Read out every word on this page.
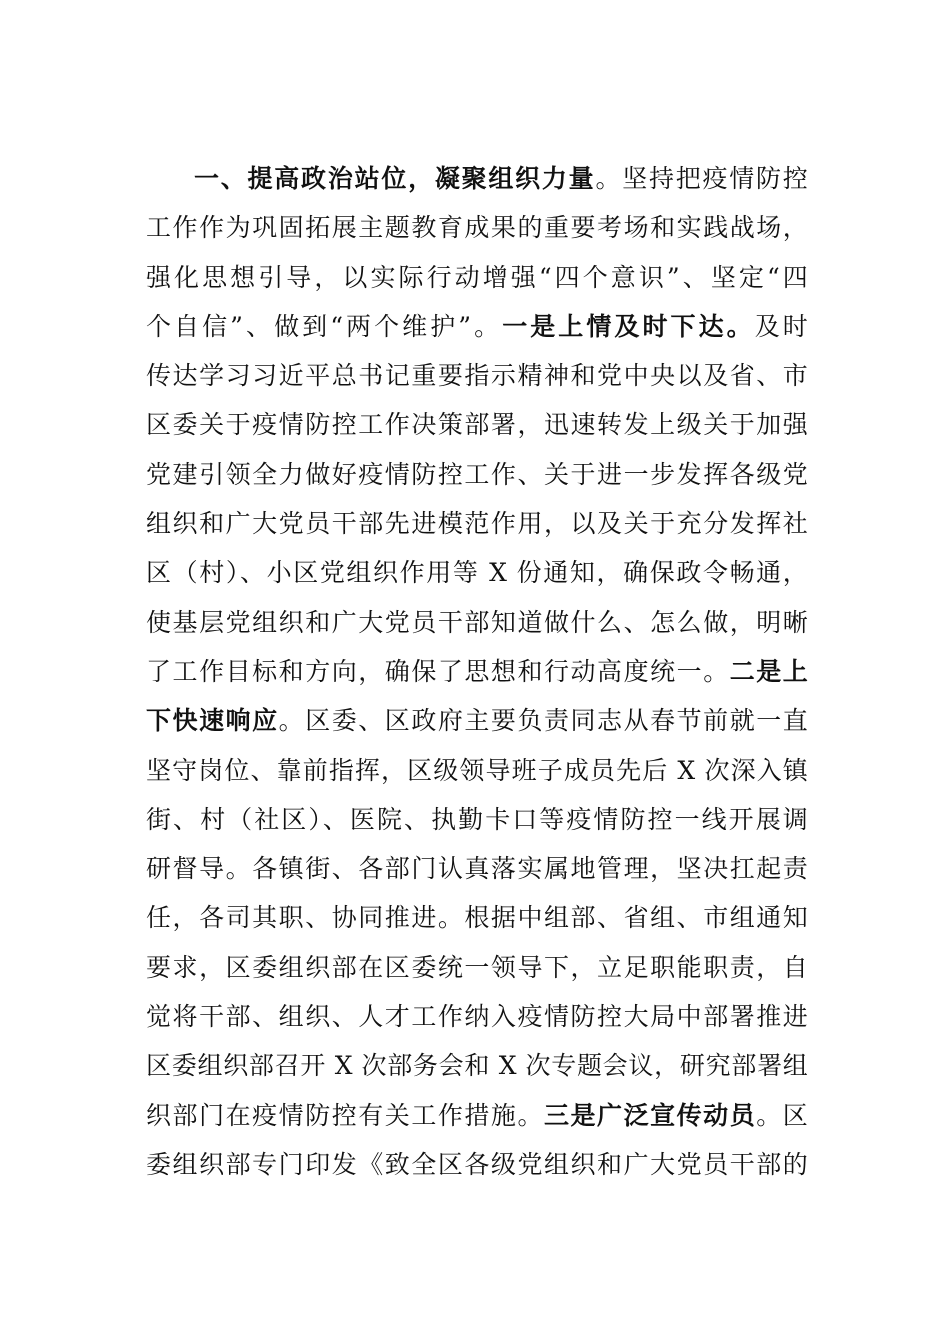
一、提高政治站位，凝聚组织力量。坚持把疫情防控
工作作为巩固拓展主题教育成果的重要考场和实践战场，
强化思想引导，以实际行动增强“四个意识”、坚定“四
个自信”、做到“两个维护”。一是上情及时下达。及时
传达学习习近平总书记重要指示精神和党中央以及省、市
区委关于疫情防控工作决策部署，迅速转发上级关于加强
党建引领全力做好疫情防控工作、关于进一步发挥各级党
组织和广大党员干部先进模范作用，以及关于充分发挥社
区（村）、小区党组织作用等 X 份通知，确保政令畅通，
使基层党组织和广大党员干部知道做什么、怎么做，明晰
了工作目标和方向，确保了思想和行动高度统一。二是上
下快速响应。区委、区政府主要负责同志从春节前就一直
坚守岗位、靠前指挥，区级领导班子成员先后 X 次深入镇
街、村（社区）、医院、执勤卡口等疫情防控一线开展调
研督导。各镇街、各部门认真落实属地管理，坚决扛起责
任，各司其职、协同推进。根据中组部、省组、市组通知
要求，区委组织部在区委统一领导下，立足职能职责，自
觉将干部、组织、人才工作纳入疫情防控大局中部署推进
区委组织部召开 X 次部务会和 X 次专题会议，研究部署组
织部门在疫情防控有关工作措施。三是广泛宣传动员。区
委组织部专门印发《致全区各级党组织和广大党员干部的
